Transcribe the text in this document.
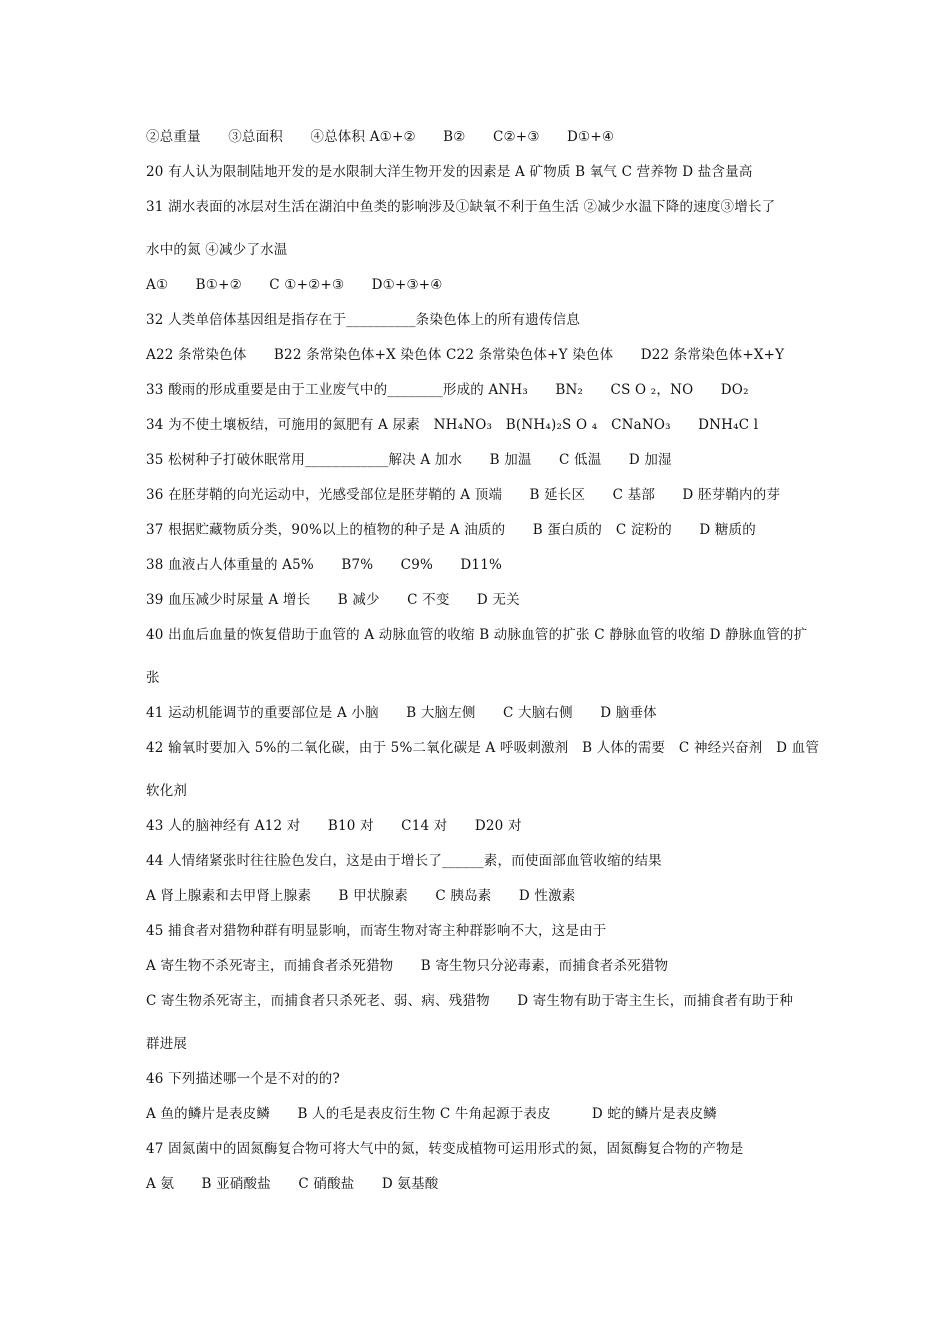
②总重量　　③总面积　　④总体积 A①+②　　B②　　C②+③　　D①+④
20 有人认为限制陆地开发的是水限制大洋生物开发的因素是 A 矿物质 B 氧气 C 营养物 D 盐含量高
31 湖水表面的冰层对生活在湖泊中鱼类的影响涉及①缺氧不利于鱼生活 ②减少水温下降的速度③增长了
水中的氮 ④减少了水温
A①　　B①+②　　C ①+②+③　　D①+③+④
32 人类单倍体基因组是指存在于__________条染色体上的所有遗传信息
A22 条常染色体　　B22 条常染色体+X 染色体 C22 条常染色体+Y 染色体　　D22 条常染色体+X+Y
33 酸雨的形成重要是由于工业废气中的________形成的 ANH₃　　BN₂　　CS O ₂，NO　　DO₂
34 为不使土壤板结，可施用的氮肥有 A 尿素　NH₄NO₃　B(NH₄)₂S O ₄　CNaNO₃　　DNH₄C l
35 松树种子打破休眠常用____________解决 A 加水　　B 加温　　C 低温　　D 加湿
36 在胚芽鞘的向光运动中，光感受部位是胚芽鞘的 A 顶端　　B 延长区　　C 基部　　D 胚芽鞘内的芽
37 根据贮藏物质分类，90%以上的植物的种子是 A 油质的　　B 蛋白质的　C 淀粉的　　D 糖质的
38 血液占人体重量的 A5%　　B7%　　C9%　　D11%
39 血压减少时尿量 A 增长　　B 减少　　C 不变　　D 无关
40 出血后血量的恢复借助于血管的 A 动脉血管的收缩 B 动脉血管的扩张 C 静脉血管的收缩 D 静脉血管的扩
张
41 运动机能调节的重要部位是 A 小脑　　B 大脑左侧　　C 大脑右侧　　D 脑垂体
42 输氧时要加入 5%的二氧化碳，由于 5%二氧化碳是 A 呼吸刺激剂　B 人体的需要　C 神经兴奋剂　D 血管
软化剂
43 人的脑神经有 A12 对　　B10 对　　C14 对　　D20 对
44 人情绪紧张时往往脸色发白，这是由于增长了______素，而使面部血管收缩的结果
A 肾上腺素和去甲肾上腺素　　B 甲状腺素　　C 胰岛素　　D 性激素
45 捕食者对猎物种群有明显影响，而寄生物对寄主种群影响不大，这是由于
A 寄生物不杀死寄主，而捕食者杀死猎物　　B 寄生物只分泌毒素，而捕食者杀死猎物
C 寄生物杀死寄主，而捕食者只杀死老、弱、病、残猎物　　D 寄生物有助于寄主生长，而捕食者有助于种
群进展
46 下列描述哪一个是不对的的?
A 鱼的鳞片是表皮鳞　　B 人的毛是表皮衍生物 C 牛角起源于表皮　　　D 蛇的鳞片是表皮鳞
47 固氮菌中的固氮酶复合物可将大气中的氮，转变成植物可运用形式的氮，固氮酶复合物的产物是
A 氨　　B 亚硝酸盐　　C 硝酸盐　　D 氨基酸
